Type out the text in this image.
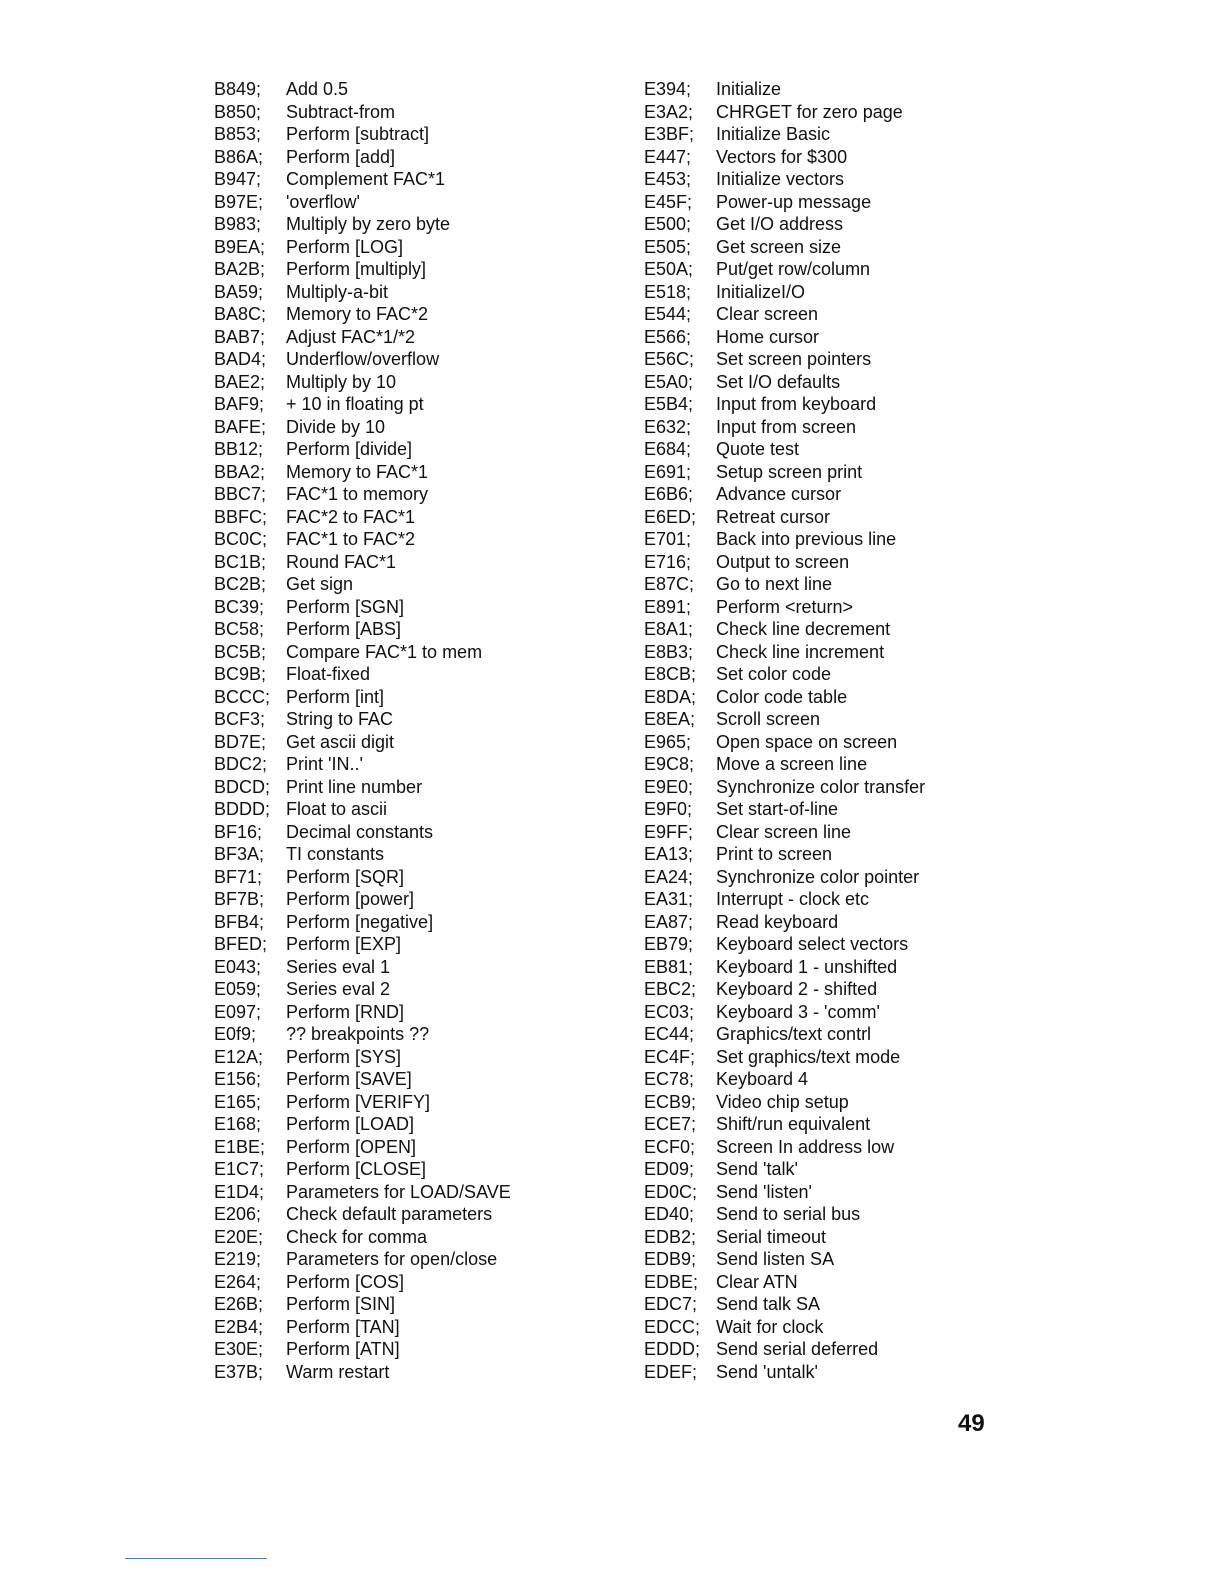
B849;	Add 0.5
B850;	Subtract-from
B853;	Perform [subtract]
B86A;	Perform [add]
B947;	Complement FAC*1
B97E;	'overflow'
B983;	Multiply by zero byte
B9EA;	Perform [LOG]
BA2B;	Perform [multiply]
BA59;	Multiply-a-bit
BA8C;	Memory to FAC*2
BAB7;	Adjust FAC*1/*2
BAD4;	Underflow/overflow
BAE2;	Multiply by 10
BAF9;	+ 10 in floating pt
BAFE;	Divide by 10
BB12;	Perform [divide]
BBA2;	Memory to FAC*1
BBC7;	FAC*1 to memory
BBFC;	FAC*2 to FAC*1
BC0C;	FAC*1 to FAC*2
BC1B;	Round FAC*1
BC2B;	Get sign
BC39;	Perform [SGN]
BC58;	Perform [ABS]
BC5B;	Compare FAC*1 to mem
BC9B;	Float-fixed
BCCC; Perform [int]
BCF3;	String to FAC
BD7E;	Get ascii digit
BDC2;	Print 'IN..'
BDCD; Print line number
BDDD; Float to ascii
BF16;	Decimal constants
BF3A;	TI constants
BF71;	Perform [SQR]
BF7B;	Perform [power]
BFB4;	Perform [negative]
BFED;	Perform [EXP]
E043;	Series eval 1
E059;	Series eval 2
E097;	Perform [RND]
E0f9;	?? breakpoints ??
E12A;	Perform [SYS]
E156;	Perform [SAVE]
E165;	Perform [VERIFY]
E168;	Perform [LOAD]
E1BE;	Perform [OPEN]
E1C7;	Perform [CLOSE]
E1D4;	Parameters for LOAD/SAVE
E206;	Check default parameters
E20E;	Check for comma
E219;	Parameters for open/close
E264;	Perform [COS]
E26B;	Perform [SIN]
E2B4;	Perform [TAN]
E30E;	Perform [ATN]
E37B;	Warm restart
E394;	Initialize
E3A2;	CHRGET for zero page
E3BF;	Initialize Basic
E447;	Vectors for $300
E453;	Initialize vectors
E45F;	Power-up message
E500;	Get I/O address
E505;	Get screen size
E50A;	Put/get row/column
E518;	InitializeI/O
E544;	Clear screen
E566;	Home cursor
E56C;	Set screen pointers
E5A0;	Set I/O defaults
E5B4;	Input from keyboard
E632;	Input from screen
E684;	Quote test
E691;	Setup screen print
E6B6;	Advance cursor
E6ED;	Retreat cursor
E701;	Back into previous line
E716;	Output to screen
E87C;	Go to next line
E891;	Perform <return>
E8A1;	Check line decrement
E8B3;	Check line increment
E8CB;	Set color code
E8DA;	Color code table
E8EA;	Scroll screen
E965;	Open space on screen
E9C8;	Move a screen line
E9E0;	Synchronize color transfer
E9F0;	Set start-of-line
E9FF;	Clear screen line
EA13;	Print to screen
EA24;	Synchronize color pointer
EA31;	Interrupt - clock etc
EA87;	Read keyboard
EB79;	Keyboard select vectors
EB81;	Keyboard 1 - unshifted
EBC2;	Keyboard 2 - shifted
EC03;	Keyboard 3 - 'comm'
EC44;	Graphics/text contrl
EC4F;	Set graphics/text mode
EC78;	Keyboard 4
ECB9;	Video chip setup
ECE7;	Shift/run equivalent
ECF0;	Screen In address low
ED09;	Send 'talk'
ED0C;	Send 'listen'
ED40;	Send to serial bus
EDB2;	Serial timeout
EDB9;	Send listen SA
EDBE; Clear ATN
EDC7;	Send talk SA
EDCC; Wait for clock
EDDD; Send serial deferred
EDEF;	Send 'untalk'
49
